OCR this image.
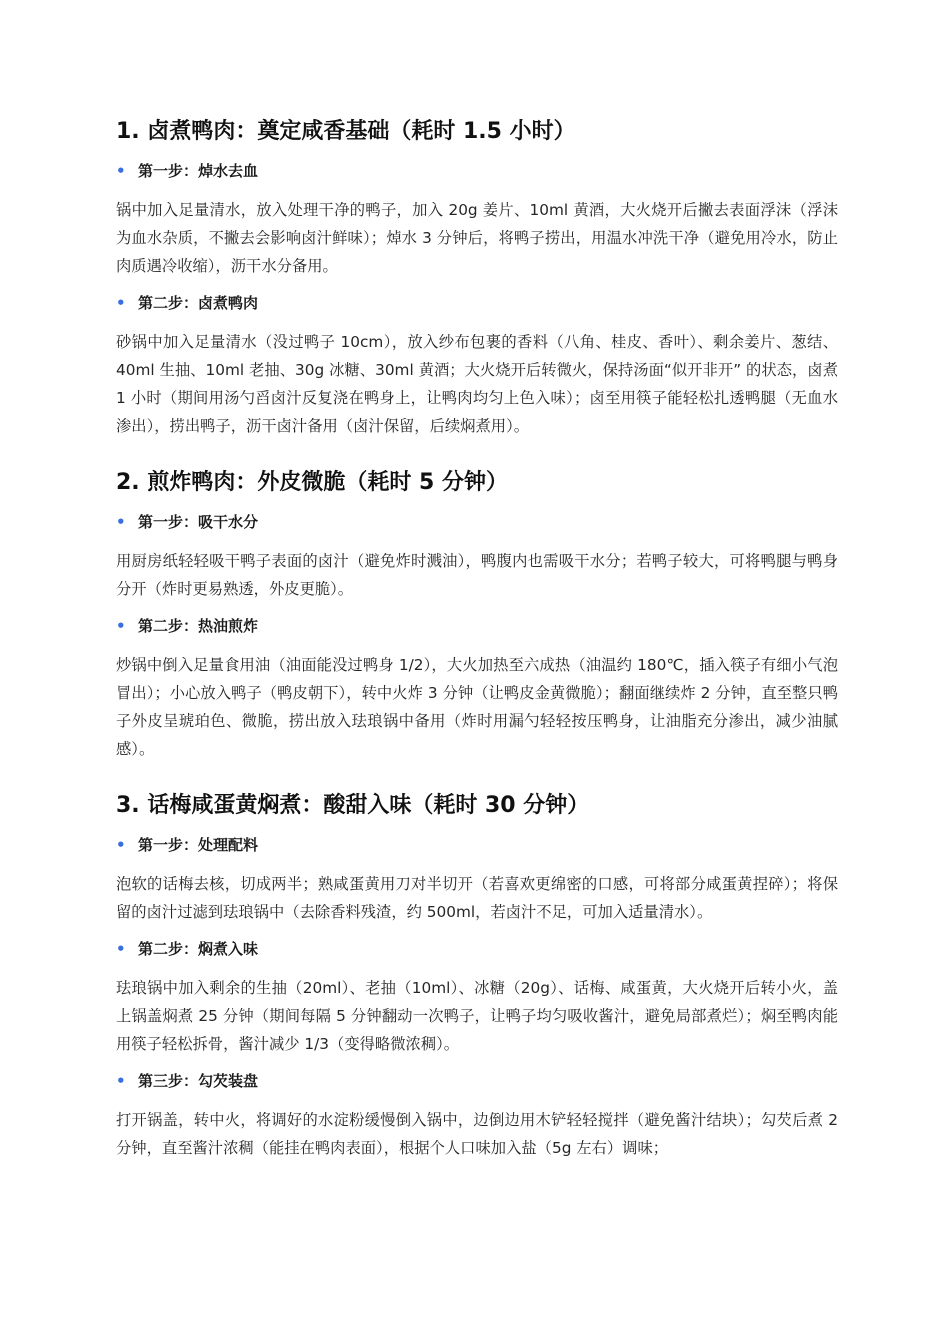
1. 卤煮鸭肉：奠定咸香基础（耗时 1.5 小时）
• 第一步：焯水去血

锅中加入足量清水，放入处理干净的鸭子，加入 20g 姜片、10ml 黄酒，大火烧开后撇去表面浮沫（浮沫为血水杂质，不撇去会影响卤汁鲜味）；焯水 3 分钟后，将鸭子捞出，用温水冲洗干净（避免用冷水，防止肉质遇冷收缩），沥干水分备用。

• 第二步：卤煮鸭肉

砂锅中加入足量清水（没过鸭子 10cm），放入纱布包裹的香料（八角、桂皮、香叶）、剩余姜片、葱结、40ml 生抽、10ml 老抽、30g 冰糖、30ml 黄酒；大火烧开后转微火，保持汤面“似开非开” 的状态，卤煮 1 小时（期间用汤勺舀卤汁反复浇在鸭身上，让鸭肉均匀上色入味）；卤至用筷子能轻松扎透鸭腿（无血水渗出），捞出鸭子，沥干卤汁备用（卤汁保留，后续焖煮用）。

2. 煎炸鸭肉：外皮微脆（耗时 5 分钟）
• 第一步：吸干水分

用厨房纸轻轻吸干鸭子表面的卤汁（避免炸时溅油），鸭腹内也需吸干水分；若鸭子较大，可将鸭腿与鸭身分开（炸时更易熟透，外皮更脆）。

• 第二步：热油煎炸

炒锅中倒入足量食用油（油面能没过鸭身 1/2），大火加热至六成热（油温约 180℃，插入筷子有细小气泡冒出）；小心放入鸭子（鸭皮朝下），转中火炸 3 分钟（让鸭皮金黄微脆）；翻面继续炸 2 分钟，直至整只鸭子外皮呈琥珀色、微脆，捞出放入珐琅锅中备用（炸时用漏勺轻轻按压鸭身，让油脂充分渗出，减少油腻感）。

3. 话梅咸蛋黄焖煮：酸甜入味（耗时 30 分钟）
• 第一步：处理配料

泡软的话梅去核，切成两半；熟咸蛋黄用刀对半切开（若喜欢更绵密的口感，可将部分咸蛋黄捏碎）；将保留的卤汁过滤到珐琅锅中（去除香料残渣，约 500ml，若卤汁不足，可加入适量清水）。

• 第二步：焖煮入味

珐琅锅中加入剩余的生抽（20ml）、老抽（10ml）、冰糖（20g）、话梅、咸蛋黄，大火烧开后转小火，盖上锅盖焖煮 25 分钟（期间每隔 5 分钟翻动一次鸭子，让鸭子均匀吸收酱汁，避免局部煮烂）；焖至鸭肉能用筷子轻松拆骨，酱汁减少 1/3（变得略微浓稠）。

• 第三步：勾芡装盘

打开锅盖，转中火，将调好的水淀粉缓慢倒入锅中，边倒边用木铲轻轻搅拌（避免酱汁结块）；勾芡后煮 2 分钟，直至酱汁浓稠（能挂在鸭肉表面），根据个人口味加入盐（5g 左右）调味；
